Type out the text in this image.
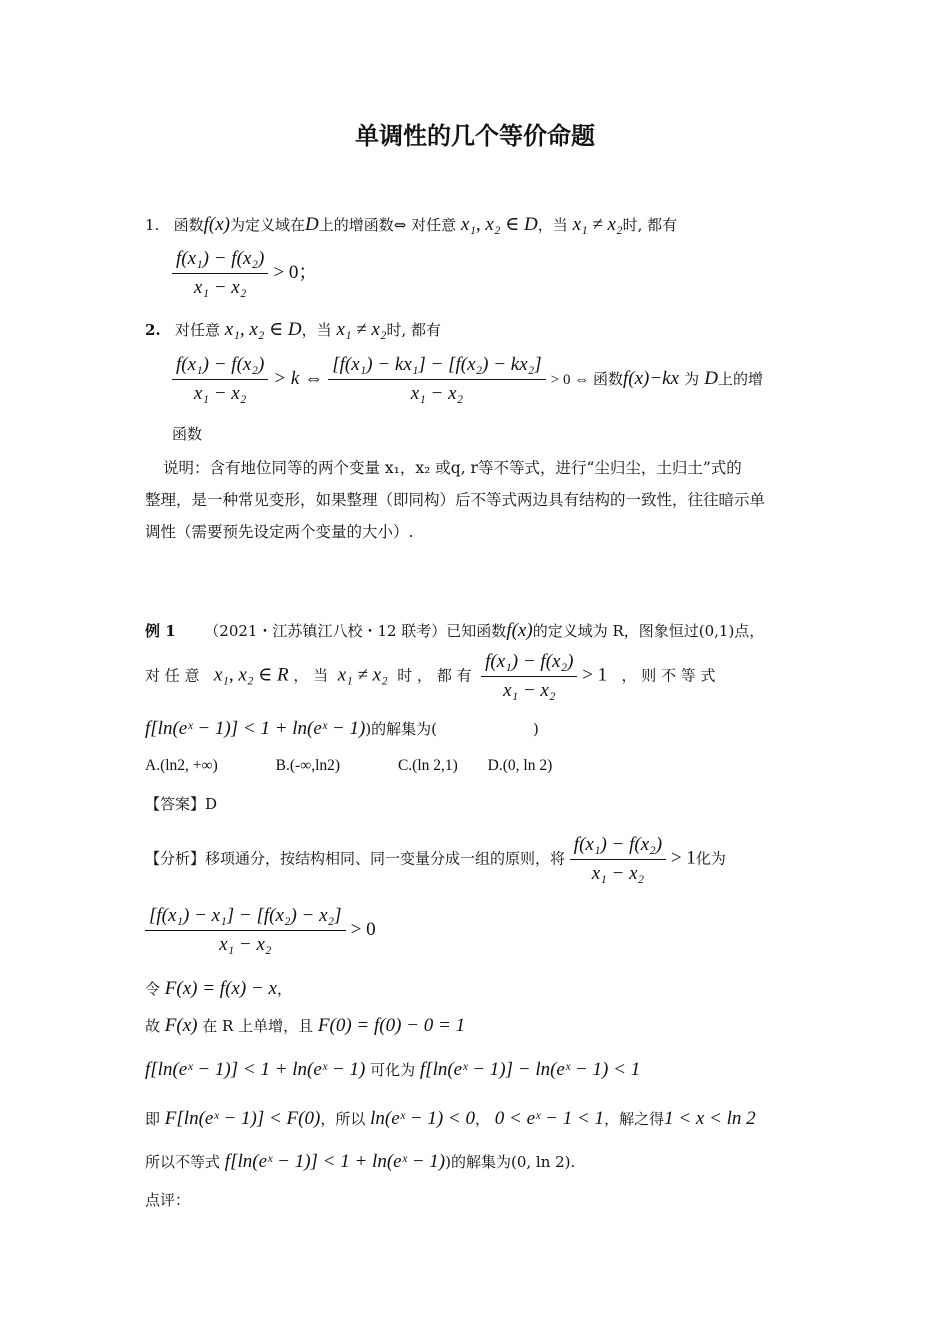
单调性的几个等价命题
1. 函数f(x)为定义域在D上的增函数⇔ 对任意 x₁, x₂ ∈ D，当 x₁ ≠ x₂时, 都有
$\frac{\text{f(x₁) − f(x₂)}}{\text{x₁ − x₂}} > 0$；
2. 对任意 x₁, x₂ ∈ D，当 x₁ ≠ x₂时, 都有
$\frac{\text{f(x₁) − f(x₂)}}{\text{x₁ − x₂}} > k$ ⇔ $\frac{\text{[f(x₁) − kx₁] − [f(x₂) − kx₂]}}{\text{x₁ − x₂}} > 0$ ⇔ 函数f(x)−kx 为 D上的增
函数
说明：含有地位同等的两个变量 x₁，x₂ 或q, r等不等式，进行“尘归尘，土归土”式的
整理，是一种常见变形，如果整理（即同构）后不等式两边具有结构的一致性，往往暗示单
调性（需要预先设定两个变量的大小）.
例 1 （2021・江苏镇江八校・12 联考）已知函数f(x)的定义域为 R，图象恒过(0,1)点，
对 任 意 x₁, x₂ ∈ R ， 当 x₁ ≠ x₂ 时 ， 都 有 $\frac{\text{f(x₁) − f(x₂)}}{\text{x₁ − x₂}} > 1$ ， 则 不 等 式
f[ln(eˣ − 1)] < 1 + ln(eˣ − 1))的解集为(	)
A.(ln2, +∞)	B.(-∞,ln2)	C.(ln 2,1) D.(0, ln 2)
【答案】D
【分析】移项通分，按结构相同、同一变量分成一组的原则，将 $\frac{\text{f(x₁) − f(x₂)}}{\text{x₁ − x₂}} > 1$化为
$\frac{\text{[f(x₁) − x₁] − [f(x₂) − x₂]}}{\text{x₁ − x₂}} > 0$
令 F(x) = f(x) − x，
故 F(x) 在 R 上单增，且 F(0) = f(0) − 0 = 1
f[ln(eˣ − 1)] < 1 + ln(eˣ − 1) 可化为 f[ln(eˣ − 1)] − ln(eˣ − 1) < 1
即 F[ln(eˣ − 1)] < F(0)，所以 ln(eˣ − 1) < 0， 0 < eˣ − 1 < 1，解之得1 < x < ln 2
所以不等式 f[ln(eˣ − 1)] < 1 + ln(eˣ − 1))的解集为(0, ln 2).
点评：
